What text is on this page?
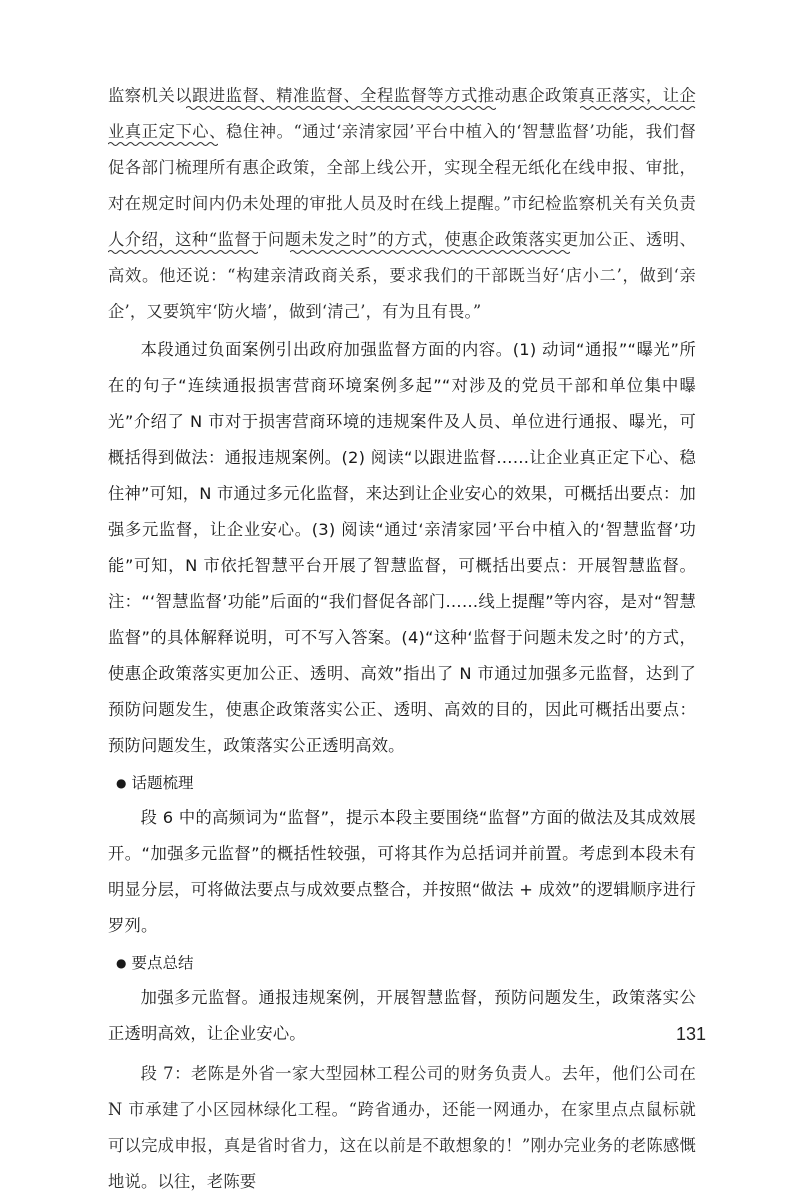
监察机关以跟进监督、精准监督、全程监督等方式推动惠企政策真正落实，让企业真正定下心、稳住神。“通过‘亲清家园’平台中植入的‘智慧监督’功能，我们督促各部门梳理所有惠企政策，全部上线公开，实现全程无纸化在线申报、审批，对在规定时间内仍未处理的审批人员及时在线上提醒。”市纪检监察机关有关负责人介绍，这种“监督于问题未发之时”的方式，使惠企政策落实更加公正、透明、高效。他还说：“构建亲清政商关系，要求我们的干部既当好‘店小二’，做到‘亲企’，又要筑牢‘防火墙’，做到‘清己’，有为且有畏。”

本段通过负面案例引出政府加强监督方面的内容。(1) 动词“通报”“曝光”所在的句子“连续通报损害营商环境案例多起”“对涉及的党员干部和单位集中曝光”介绍了 N 市对于损害营商环境的违规案件及人员、单位进行通报、曝光，可概括得到做法：通报违规案例。(2) 阅读“以跟进监督……让企业真正定下心、稳住神”可知，N 市通过多元化监督，来达到让企业安心的效果，可概括出要点：加强多元监督，让企业安心。(3) 阅读“通过‘亲清家园’平台中植入的‘智慧监督’功能”可知，N 市依托智慧平台开展了智慧监督，可概括出要点：开展智慧监督。注：“‘智慧监督’功能”后面的“我们督促各部门……线上提醒”等内容，是对“智慧监督”的具体解释说明，可不写入答案。(4)“这种‘监督于问题未发之时’的方式，使惠企政策落实更加公正、透明、高效”指出了 N 市通过加强多元监督，达到了预防问题发生，使惠企政策落实公正、透明、高效的目的，因此可概括出要点：预防问题发生，政策落实公正透明高效。

● 话题梳理

段 6 中的高频词为“监督”，提示本段主要围绕“监督”方面的做法及其成效展开。“加强多元监督”的概括性较强，可将其作为总括词并前置。考虑到本段未有明显分层，可将做法要点与成效要点整合，并按照“做法 + 成效”的逻辑顺序进行罗列。

● 要点总结

加强多元监督。通报违规案例，开展智慧监督，预防问题发生，政策落实公正透明高效，让企业安心。

段 7：老陈是外省一家大型园林工程公司的财务负责人。去年，他们公司在 N 市承建了小区园林绿化工程。“跨省通办，还能一网通办，在家里点点鼠标就可以完成申报，真是省时省力，这在以前是不敢想象的！”刚办完业务的老陈感慨地说。以往，老陈要

131
